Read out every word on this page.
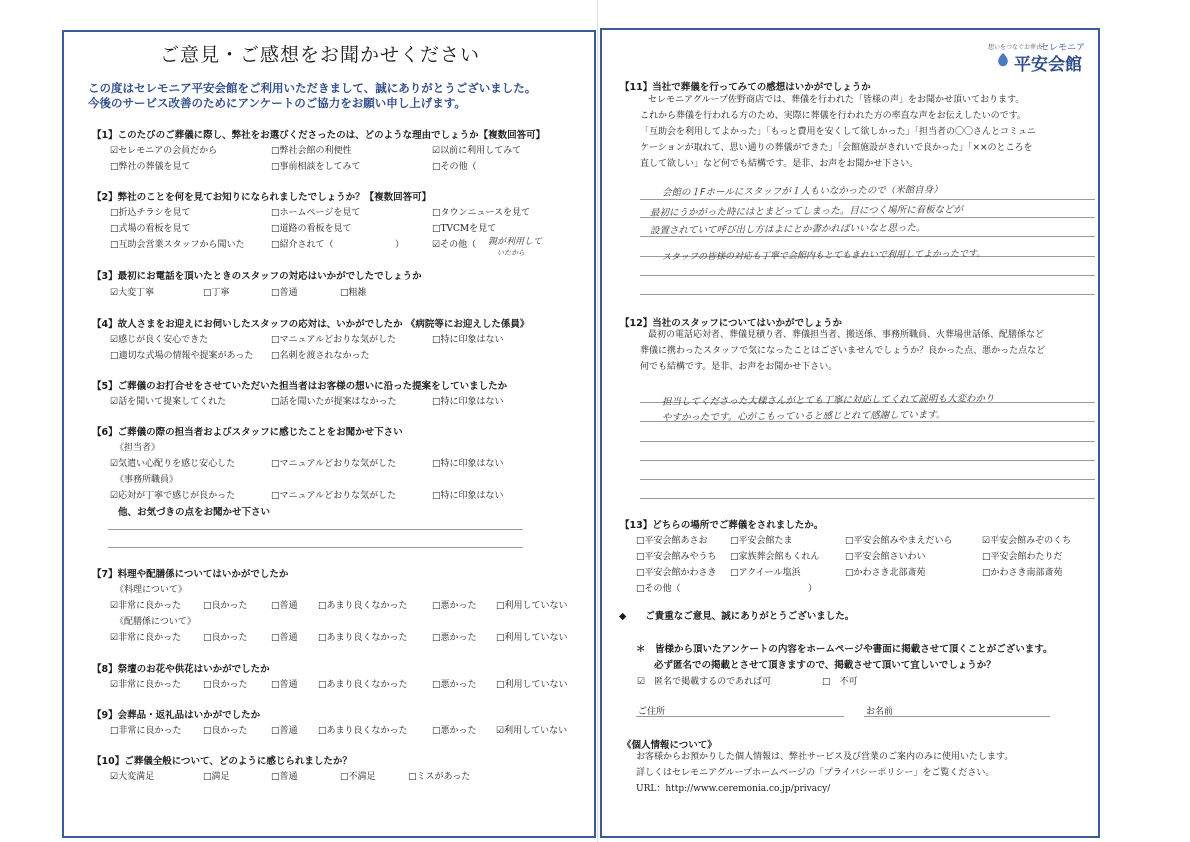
ご意見・ご感想をお聞かせください
この度はセレモニア平安会館をご利用いただきまして、誠にありがとうございました。
今後のサービス改善のためにアンケートのご協力をお願い申し上げます。
想いをつなぐお葬式
セレモニア
平安会館
【1】このたびのご葬儀に際し、弊社をお選びくださったのは、どのような理由でしょうか【複数回答可】
☑セレモニアの会員だから	□弊社会館の利便性	☑以前に利用してみて
□弊社の葬儀を見て	□事前相談をしてみて	□その他（
【2】弊社のことを何を見てお知りになられましたでしょうか？【複数回答可】
□折込チラシを見て	□ホームページを見て	□タウンニュースを見て
□式場の看板を見て	□道路の看板を見て	□TVCMを見て
□互助会営業スタッフから聞いた	□紹介されて（	）	☑その他（ 親が利用して
いたから
【3】最初にお電話を頂いたときのスタッフの対応はいかがでしたでしょうか
☑大変丁寧	□丁寧	□普通	□粗雑
【4】故人さまをお迎えにお伺いしたスタッフの応対は、いかがでしたか 《病院等にお迎えした係員》
☑感じが良く安心できた	□マニュアルどおりな気がした	□特に印象はない
□適切な式場の情報や提案があった □名刺を渡されなかった
【5】ご葬儀のお打合せをさせていただいた担当者はお客様の想いに沿った提案をしていましたか
☑話を聞いて提案してくれた	□話を聞いたが提案はなかった	□特に印象はない
【6】ご葬儀の際の担当者およびスタッフに感じたことをお聞かせ下さい
《担当者》
☑気遣い心配りを感じ安心した	□マニュアルどおりな気がした	□特に印象はない
《事務所職員》
☑応対が丁寧で感じが良かった	□マニュアルどおりな気がした	□特に印象はない
他、お気づきの点をお聞かせ下さい
【7】料理や配膳係についてはいかがでしたか
《料理について》
☑非常に良かった □良かった	□普通 □あまり良くなかった	□悪かった □利用していない
《配膳係について》
☑非常に良かった □良かった	□普通 □あまり良くなかった	□悪かった □利用していない
【8】祭壇のお花や供花はいかがでしたか
☑非常に良かった □良かった	□普通 □あまり良くなかった	□悪かった □利用していない
【9】会葬品・返礼品はいかがでしたか
□非常に良かった □良かった	□普通 □あまり良くなかった	□悪かった ☑利用していない
【10】ご葬儀全般について、どのように感じられましたか？
☑大変満足	□満足	□普通	□不満足	□ミスがあった
【11】当社で葬儀を行ってみての感想はいかがでしょうか
セレモニアグループ佐野商店では、葬儀を行われた「皆様の声」をお聞かせ頂いております。
これから葬儀を行われる方のため、実際に葬儀を行われた方の率直な声をお伝えしたいのです。
「互助会を利用してよかった」「もっと費用を安くして欲しかった」「担当者の〇〇さんとコミュニ
ケーションが取れて、思い通りの葬儀ができた」「会館施設がきれいで良かった」「××のところを
直して欲しい」など何でも結構です。是非、お声をお聞かせ下さい。
会館の１Fホールにスタッフが１人もいなかったので（米館自身）
最初にうかがった時にはとまどってしまった。目につく場所に看板などが
設置されていて呼び出し方はよにとか書かればいいなと思った。
スタッフの皆様の対応も丁寧で会館内もとてもきれいで利用してよかったです。
【12】当社のスタッフについてはいかがでしょうか
最初の電話応対者、葬儀見積り者、葬儀担当者、搬送係、事務所職員、火葬場世話係、配膳係など
葬儀に携わったスタッフで気になったことはございませんでしょうか？良かった点、悪かった点など
何でも結構です。是非、お声をお聞かせ下さい。
担当してくださった大様さんがとても丁寧に対応してくれて説明も大変わかり
やすかったです。心がこもっていると感じとれて感謝しています。
【13】どちらの場所でご葬儀をされましたか。
□平安会館あさお □平安会館たま	□平安会館みやまえだいら	☑平安会館みぞのくち
□平安会館みやうち □家族葬会館もくれん	□平安会館さいわい	□平安会館わたりだ
□平安会館かわさき □アクイール塩浜	□かわさき北部斎苑	□かわさき南部斎苑
□その他（	）
◆　　ご貴重なご意見、誠にありがとうございました。
＊　皆様から頂いたアンケートの内容をホームページや書面に掲載させて頂くことがございます。
必ず匿名での掲載とさせて頂きますので、掲載させて頂いて宜しいでしょうか？
☑　匿名で掲載するのであれば可	□　不可
ご住所	お名前
《個人情報について》
お客様からお預かりした個人情報は、弊社サービス及び営業のご案内のみに使用いたします。
詳しくはセレモニアグループホームページの「プライバシーポリシー」をご覧ください。
URL：http://www.ceremonia.co.jp/privacy/
